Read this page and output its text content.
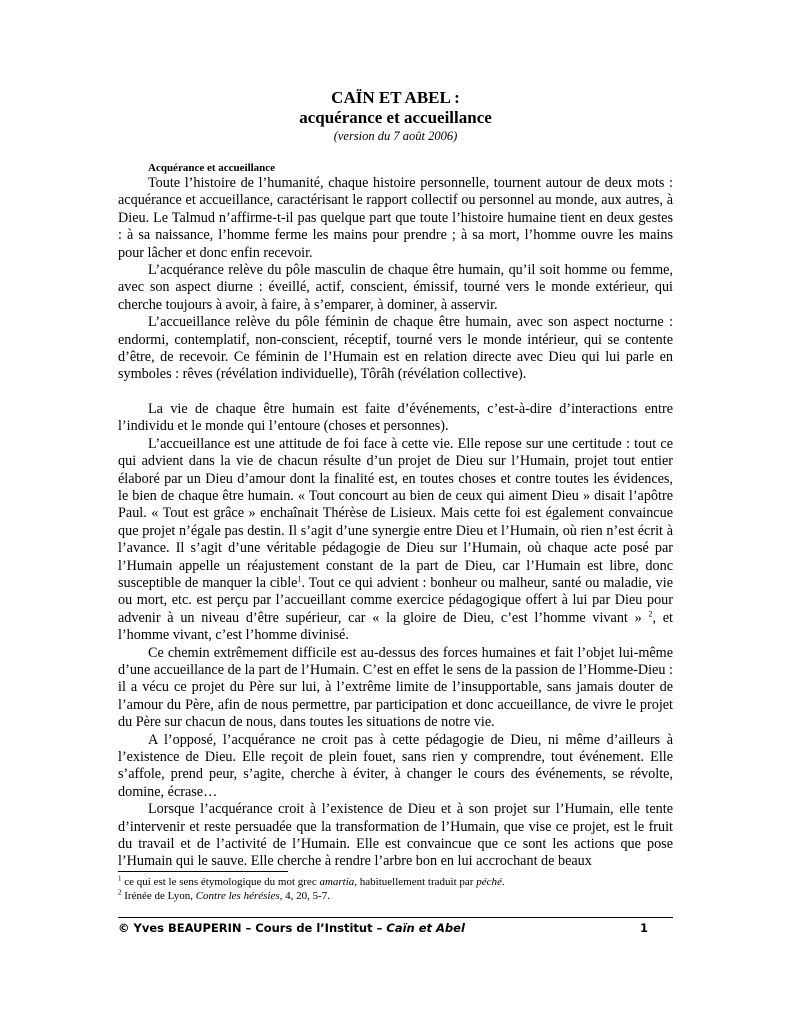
CAÏN ET ABEL :

acquérance et accueillance

(version du 7 août 2006)

Acquérance et accueillance

Toute l’histoire de l’humanité, chaque histoire personnelle, tournent autour de deux mots : acquérance et accueillance, caractérisant le rapport collectif ou personnel au monde, aux autres, à Dieu. Le Talmud n’affirme-t-il pas quelque part que toute l’histoire humaine tient en deux gestes : à sa naissance, l’homme ferme les mains pour prendre ; à sa mort, l’homme ouvre les mains pour lâcher et donc enfin recevoir.

L’acquérance relève du pôle masculin de chaque être humain, qu’il soit homme ou femme, avec son aspect diurne : éveillé, actif, conscient, émissif, tourné vers le monde extérieur, qui cherche toujours à avoir, à faire, à s’emparer, à dominer, à asservir.

L’accueillance relève du pôle féminin de chaque être humain, avec son aspect nocturne : endormi, contemplatif, non-conscient, réceptif, tourné vers le monde intérieur, qui se contente d’être, de recevoir. Ce féminin de l’Humain est en relation directe avec Dieu qui lui parle en symboles : rêves (révélation individuelle), Tôrâh (révélation collective).

La vie de chaque être humain est faite d’événements, c’est-à-dire d’interactions entre l’individu et le monde qui l’entoure (choses et personnes).

L’accueillance est une attitude de foi face à cette vie. Elle repose sur une certitude : tout ce qui advient dans la vie de chacun résulte d’un projet de Dieu sur l’Humain, projet tout entier élaboré par un Dieu d’amour dont la finalité est, en toutes choses et contre toutes les évidences, le bien de chaque être humain. « Tout concourt au bien de ceux qui aiment Dieu » disait l’apôtre Paul. « Tout est grâce » enchaînait Thérèse de Lisieux. Mais cette foi est également convaincue que projet n’égale pas destin. Il s’agit d’une synergie entre Dieu et l’Humain, où rien n’est écrit à l’avance. Il s’agit d’une véritable pédagogie de Dieu sur l’Humain, où chaque acte posé par l’Humain appelle un réajustement constant de la part de Dieu, car l’Humain est libre, donc susceptible de manquer la cible$^1$. Tout ce qui advient : bonheur ou malheur, santé ou maladie, vie ou mort, etc. est perçu par l’accueillant comme exercice pédagogique offert à lui par Dieu pour advenir à un niveau d’être supérieur, car « la gloire de Dieu, c’est l’homme vivant » $^2$, et l’homme vivant, c’est l’homme divinisé.

Ce chemin extrêmement difficile est au-dessus des forces humaines et fait l’objet lui-même d’une accueillance de la part de l’Humain. C’est en effet le sens de la passion de l’Homme-Dieu : il a vécu ce projet du Père sur lui, à l’extrême limite de l’insupportable, sans jamais douter de l’amour du Père, afin de nous permettre, par participation et donc accueillance, de vivre le projet du Père sur chacun de nous, dans toutes les situations de notre vie.

A l’opposé, l’acquérance ne croit pas à cette pédagogie de Dieu, ni même d’ailleurs à l’existence de Dieu. Elle reçoit de plein fouet, sans rien y comprendre, tout événement. Elle s’affole, prend peur, s’agite, cherche à éviter, à changer le cours des événements, se révolte, domine, écrase…

Lorsque l’acquérance croit à l’existence de Dieu et à son projet sur l’Humain, elle tente d’intervenir et reste persuadée que la transformation de l’Humain, que vise ce projet, est le fruit du travail et de l’activité de l’Humain. Elle est convaincue que ce sont les actions que pose l’Humain qui le sauve. Elle cherche à rendre l’arbre bon en lui accrochant de beaux

$^1$ ce qui est le sens étymologique du mot grec amartia, habituellement traduit par péché.

$^2$ Irénée de Lyon, Contre les hérésies, 4, 20, 5-7.

© Yves BEAUPERIN – Cours de l’Institut – Caïn et Abel	1
